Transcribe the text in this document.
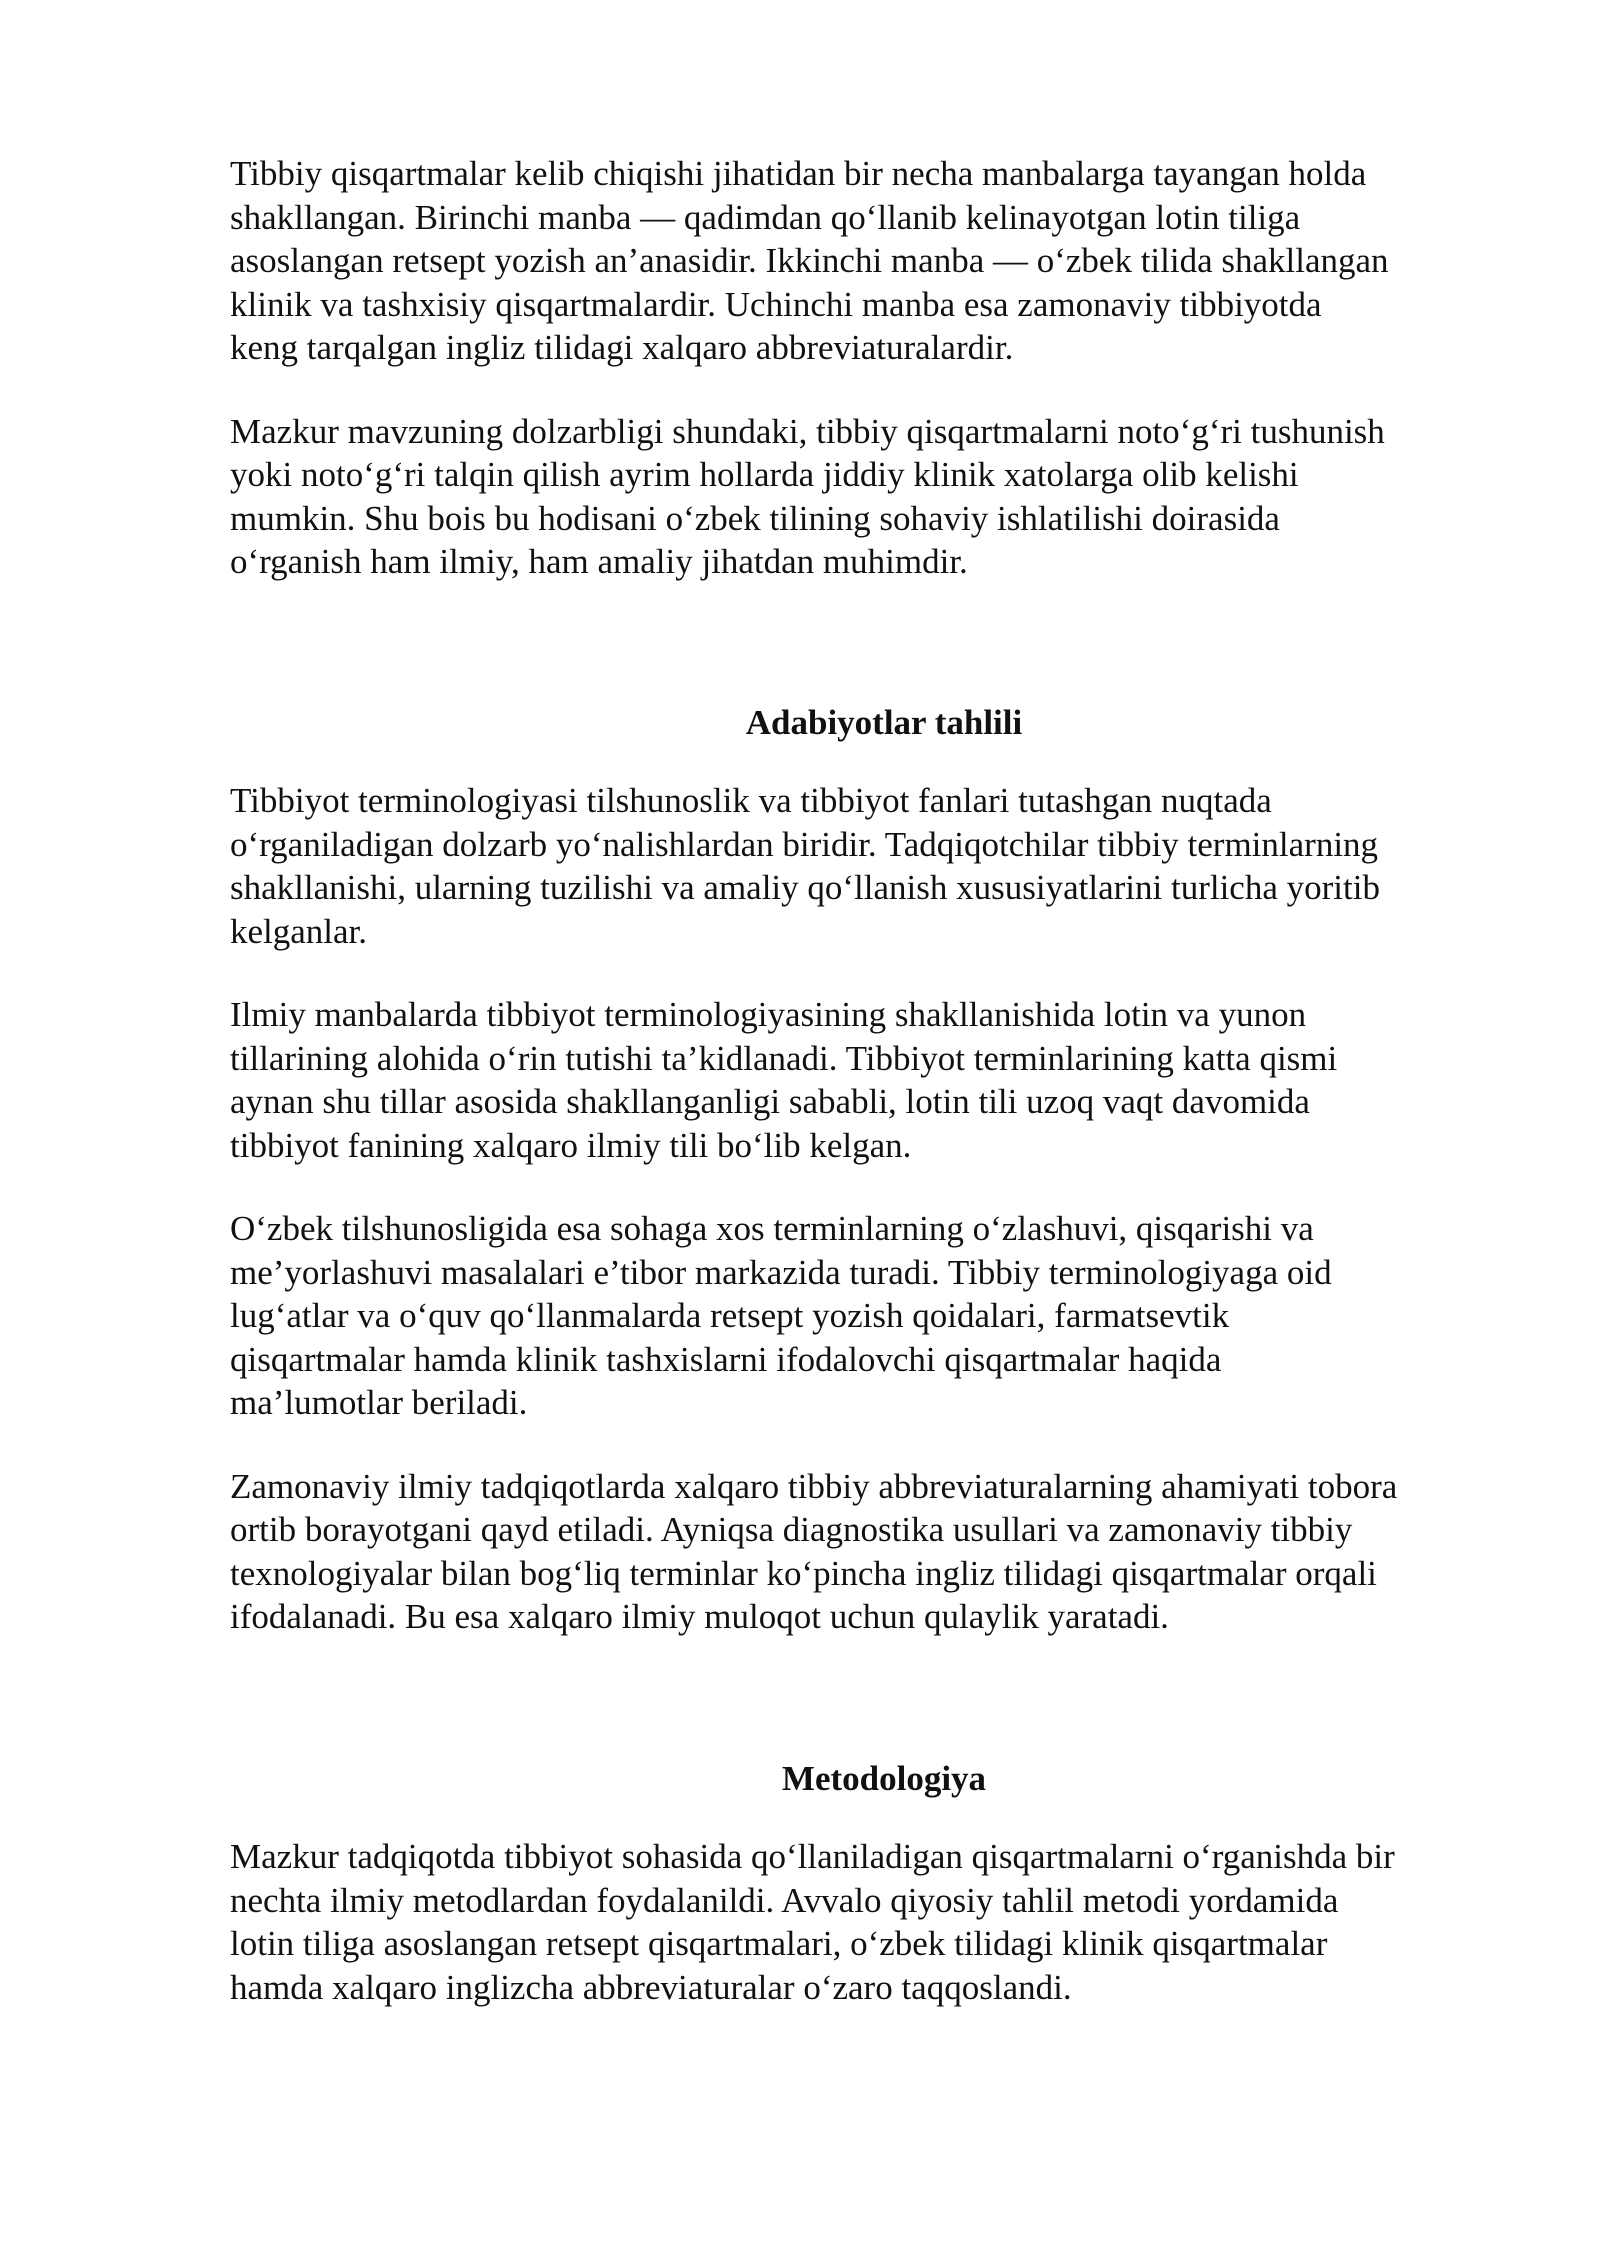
Tibbiy qisqartmalar kelib chiqishi jihatidan bir necha manbalarga tayangan holda
shakllangan. Birinchi manba — qadimdan qoʻllanib kelinayotgan lotin tiliga
asoslangan retsept yozish an’anasidir. Ikkinchi manba — oʻzbek tilida shakllangan
klinik va tashxisiy qisqartmalardir. Uchinchi manba esa zamonaviy tibbiyotda
keng tarqalgan ingliz tilidagi xalqaro abbreviaturalardir.

Mazkur mavzuning dolzarbligi shundaki, tibbiy qisqartmalarni notoʻgʻri tushunish
yoki notoʻgʻri talqin qilish ayrim hollarda jiddiy klinik xatolarga olib kelishi
mumkin. Shu bois bu hodisani oʻzbek tilining sohaviy ishlatilishi doirasida
oʻrganish ham ilmiy, ham amaliy jihatdan muhimdir.

Adabiyotlar tahlili

Tibbiyot terminologiyasi tilshunoslik va tibbiyot fanlari tutashgan nuqtada
oʻrganiladigan dolzarb yoʻnalishlardan biridir. Tadqiqotchilar tibbiy terminlarning
shakllanishi, ularning tuzilishi va amaliy qoʻllanish xususiyatlarini turlicha yoritib
kelganlar.

Ilmiy manbalarda tibbiyot terminologiyasining shakllanishida lotin va yunon
tillarining alohida oʻrin tutishi ta’kidlanadi. Tibbiyot terminlarining katta qismi
aynan shu tillar asosida shakllanganligi sababli, lotin tili uzoq vaqt davomida
tibbiyot fanining xalqaro ilmiy tili boʻlib kelgan.

Oʻzbek tilshunosligida esa sohaga xos terminlarning oʻzlashuvi, qisqarishi va
me’yorlashuvi masalalari e’tibor markazida turadi. Tibbiy terminologiyaga oid
lugʻatlar va oʻquv qoʻllanmalarda retsept yozish qoidalari, farmatsevtik
qisqartmalar hamda klinik tashxislarni ifodalovchi qisqartmalar haqida
ma’lumotlar beriladi.

Zamonaviy ilmiy tadqiqotlarda xalqaro tibbiy abbreviaturalarning ahamiyati tobora
ortib borayotgani qayd etiladi. Ayniqsa diagnostika usullari va zamonaviy tibbiy
texnologiyalar bilan bogʻliq terminlar koʻpincha ingliz tilidagi qisqartmalar orqali
ifodalanadi. Bu esa xalqaro ilmiy muloqot uchun qulaylik yaratadi.

Metodologiya

Mazkur tadqiqotda tibbiyot sohasida qoʻllaniladigan qisqartmalarni oʻrganishda bir
nechta ilmiy metodlardan foydalanildi. Avvalo qiyosiy tahlil metodi yordamida
lotin tiliga asoslangan retsept qisqartmalari, oʻzbek tilidagi klinik qisqartmalar
hamda xalqaro inglizcha abbreviaturalar oʻzaro taqqoslandi.
